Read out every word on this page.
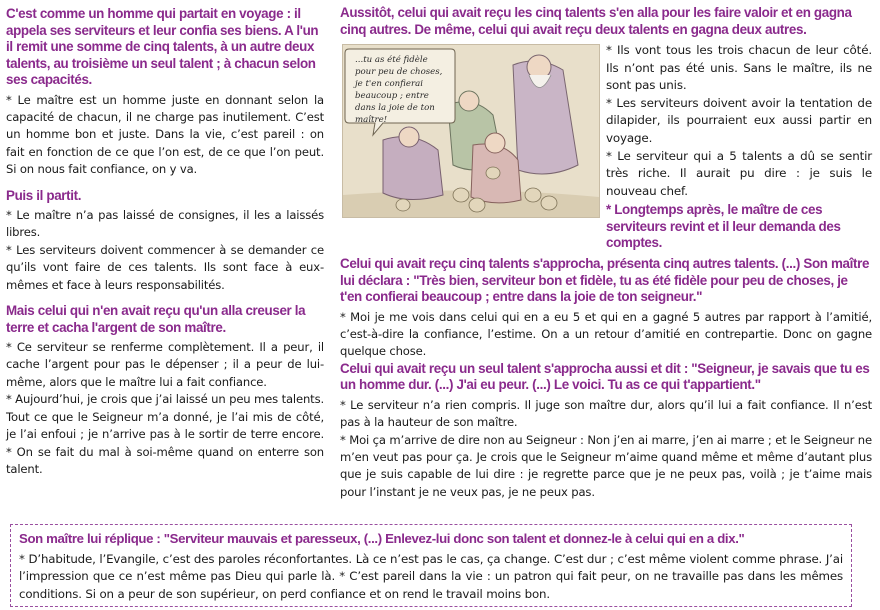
C'est comme un homme qui partait en voyage : il appela ses serviteurs et leur confia ses biens. A l'un il remit une somme de cinq talents, à un autre deux talents, au troisième un seul talent ; à chacun selon ses capacités.

* Le maître est un homme juste en donnant selon la capacité de chacun, il ne charge pas inutilement. C’est un homme bon et juste. Dans la vie, c’est pareil : on fait en fonction de ce que l’on est, de ce que l’on peut. Si on nous fait confiance, on y va.

Puis il partit.

* Le maître n’a pas laissé de consignes, il les a laissés libres.

* Les serviteurs doivent commencer à se demander ce qu’ils vont faire de ces talents. Ils sont face à eux-mêmes et face à leurs responsabilités.

Mais celui qui n'en avait reçu qu'un alla creuser la terre et cacha l'argent de son maître.

* Ce serviteur se renferme complètement. Il a peur, il cache l’argent pour pas le dépenser ; il a peur de lui-même, alors que le maître lui a fait confiance.

* Aujourd’hui, je crois que j’ai laissé un peu mes talents. Tout ce que le Seigneur m’a donné, je l’ai mis de côté, je l’ai enfoui ; je n’arrive pas à le sortir de terre encore. * On se fait du mal à soi-même quand on enterre son talent.

Aussitôt, celui qui avait reçu les cinq talents s'en alla pour les faire valoir et en gagna cinq autres. De même, celui qui avait reçu deux talents en gagna deux autres.

...tu as été fidèle pour peu de choses, je t'en confierai beaucoup ; entre dans la joie de ton maître!

* Ils vont tous les trois chacun de leur côté. Ils n’ont pas été unis. Sans le maître, ils ne sont pas unis.

* Les serviteurs doivent avoir la tentation de dilapider, ils pourraient eux aussi partir en voyage.

* Le serviteur qui a 5 talents a dû se sentir très riche. Il aurait pu dire : je suis le nouveau chef.

* Longtemps après, le maître de ces serviteurs revint et il leur demanda des comptes.

Celui qui avait reçu cinq talents s'approcha, présenta cinq autres talents. (...) Son maître lui déclara : "Très bien, serviteur bon et fidèle, tu as été fidèle pour peu de choses, je t'en confierai beaucoup ; entre dans la joie de ton seigneur."

* Moi je me vois dans celui qui en a eu 5 et qui en a gagné 5 autres par rapport à l’amitié, c’est-à-dire la confiance, l’estime. On a un retour d’amitié en contrepartie. Donc on gagne quelque chose.

Celui qui avait reçu un seul talent s'approcha aussi et dit : "Seigneur, je savais que tu es un homme dur. (...) J'ai eu peur. (...) Le voici. Tu as ce qui t'appartient."

* Le serviteur n’a rien compris. Il juge son maître dur, alors qu’il lui a fait confiance. Il n’est pas à la hauteur de son maître.

* Moi ça m’arrive de dire non au Seigneur : Non j’en ai marre, j’en ai marre ; et le Seigneur ne m’en veut pas pour ça. Je crois que le Seigneur m’aime quand même et même d’autant plus que je suis capable de lui dire : je regrette parce que je ne peux pas, voilà ; je t’aime mais pour l’instant je ne veux pas, je ne peux pas.

Son maître lui réplique : "Serviteur mauvais et paresseux, (...) Enlevez-lui donc son talent et donnez-le à celui qui en a dix."

* D’habitude, l’Evangile, c’est des paroles réconfortantes. Là ce n’est pas le cas, ça change. C’est dur ; c’est même violent comme phrase. J’ai l’impression que ce n’est même pas Dieu qui parle là. * C’est pareil dans la vie : un patron qui fait peur, on ne travaille pas dans les mêmes conditions. Si on a peur de son supérieur, on perd confiance et on rend le travail moins bon.
